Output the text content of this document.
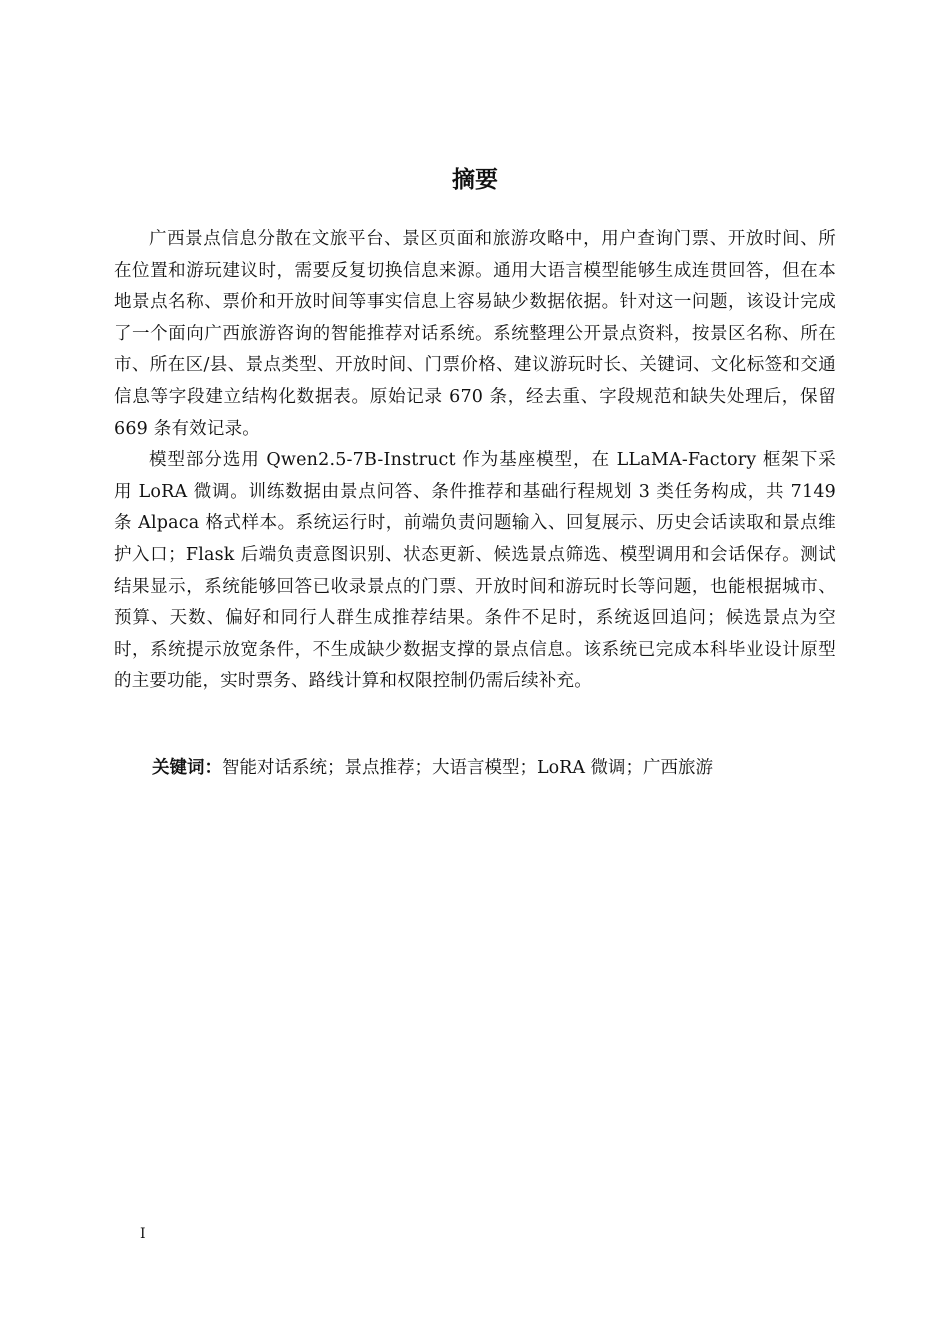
摘要

广西景点信息分散在文旅平台、景区页面和旅游攻略中，用户查询门票、开放时间、所在位置和游玩建议时，需要反复切换信息来源。通用大语言模型能够生成连贯回答，但在本地景点名称、票价和开放时间等事实信息上容易缺少数据依据。针对这一问题，该设计完成了一个面向广西旅游咨询的智能推荐对话系统。系统整理公开景点资料，按景区名称、所在市、所在区/县、景点类型、开放时间、门票价格、建议游玩时长、关键词、文化标签和交通信息等字段建立结构化数据表。原始记录 670 条，经去重、字段规范和缺失处理后，保留 669 条有效记录。

模型部分选用 Qwen2.5-7B-Instruct 作为基座模型，在 LLaMA-Factory 框架下采用 LoRA 微调。训练数据由景点问答、条件推荐和基础行程规划 3 类任务构成，共 7149 条 Alpaca 格式样本。系统运行时，前端负责问题输入、回复展示、历史会话读取和景点维护入口；Flask 后端负责意图识别、状态更新、候选景点筛选、模型调用和会话保存。测试结果显示，系统能够回答已收录景点的门票、开放时间和游玩时长等问题，也能根据城市、预算、天数、偏好和同行人群生成推荐结果。条件不足时，系统返回追问；候选景点为空时，系统提示放宽条件，不生成缺少数据支撑的景点信息。该系统已完成本科毕业设计原型的主要功能，实时票务、路线计算和权限控制仍需后续补充。

关键词：智能对话系统；景点推荐；大语言模型；LoRA 微调；广西旅游
I
